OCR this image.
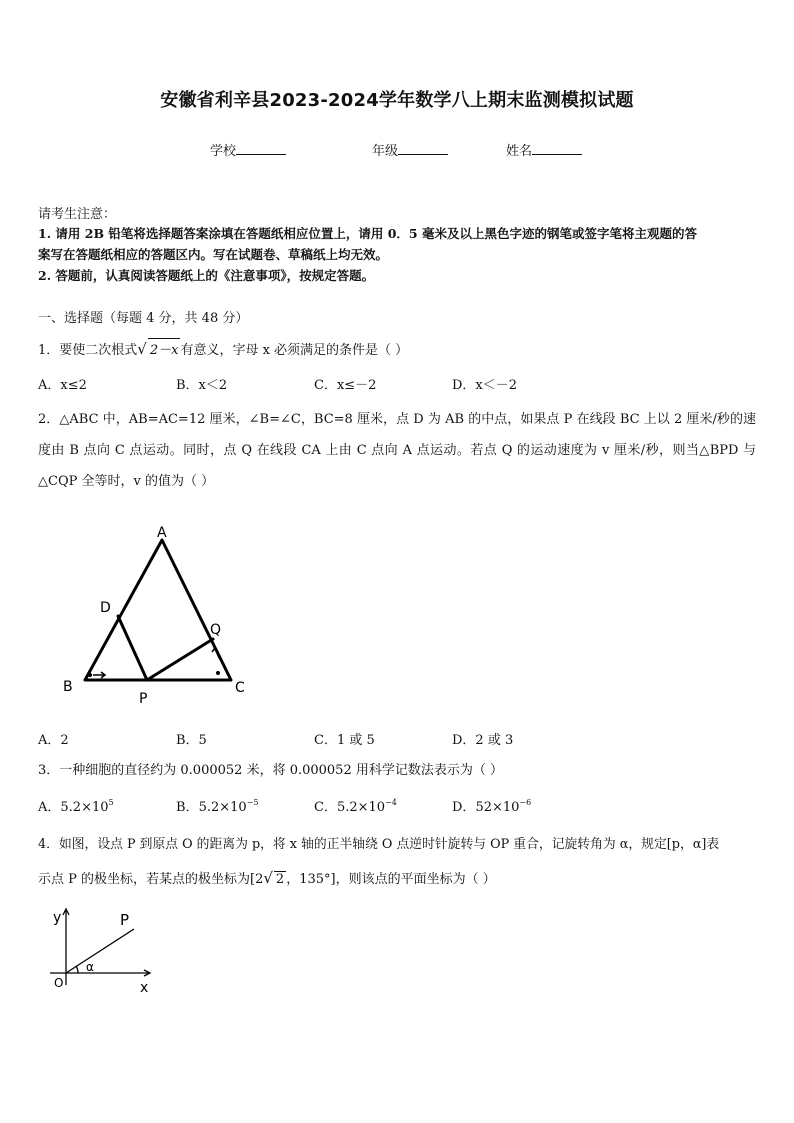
安徽省利辛县2023-2024学年数学八上期末监测模拟试题
学校	年级	姓名
请考生注意：
1. 请用 2B 铅笔将选择题答案涂填在答题纸相应位置上，请用 0．5 毫米及以上黑色字迹的钢笔或签字笔将主观题的答
案写在答题纸相应的答题区内。写在试题卷、草稿纸上均无效。
2. 答题前，认真阅读答题纸上的《注意事项》，按规定答题。
一、选择题（每题 4 分，共 48 分）
1．要使二次根式√ 2－x 有意义，字母 x 必须满足的条件是（ ）
A．x≤2	B．x＜2	C．x≤－2	D．x＜－2
2．△ABC 中，AB=AC=12 厘米，∠B=∠C，BC=8 厘米，点 D 为 AB 的中点，如果点 P 在线段 BC 上以 2 厘米/秒的速度由 B 点向 C 点运动。同时，点 Q 在线段 CA 上由 C 点向 A 点运动。若点 Q 的运动速度为 v 厘米/秒，则当△BPD 与△CQP 全等时，v 的值为（ ）
A
B	C
D
P
Q
A．2	B．5	C．1 或 5	D．2 或 3
3．一种细胞的直径约为 0.000052 米，将 0.000052 用科学记数法表示为（ ）
A．$5.2\times 10^5$	B．$5.2\times 10^{-5}$	C．$5.2\times 10^{-4}$	D．$52\times 10^{-6}$
4．如图，设点 P 到原点 O 的距离为 p，将 x 轴的正半轴绕 O 点逆时针旋转与 OP 重合，记旋转角为 α，规定[p，α]表
示点 P 的极坐标，若某点的极坐标为[2√ 2 ，135°]，则该点的平面坐标为（ ）
y
x
O
P
α
